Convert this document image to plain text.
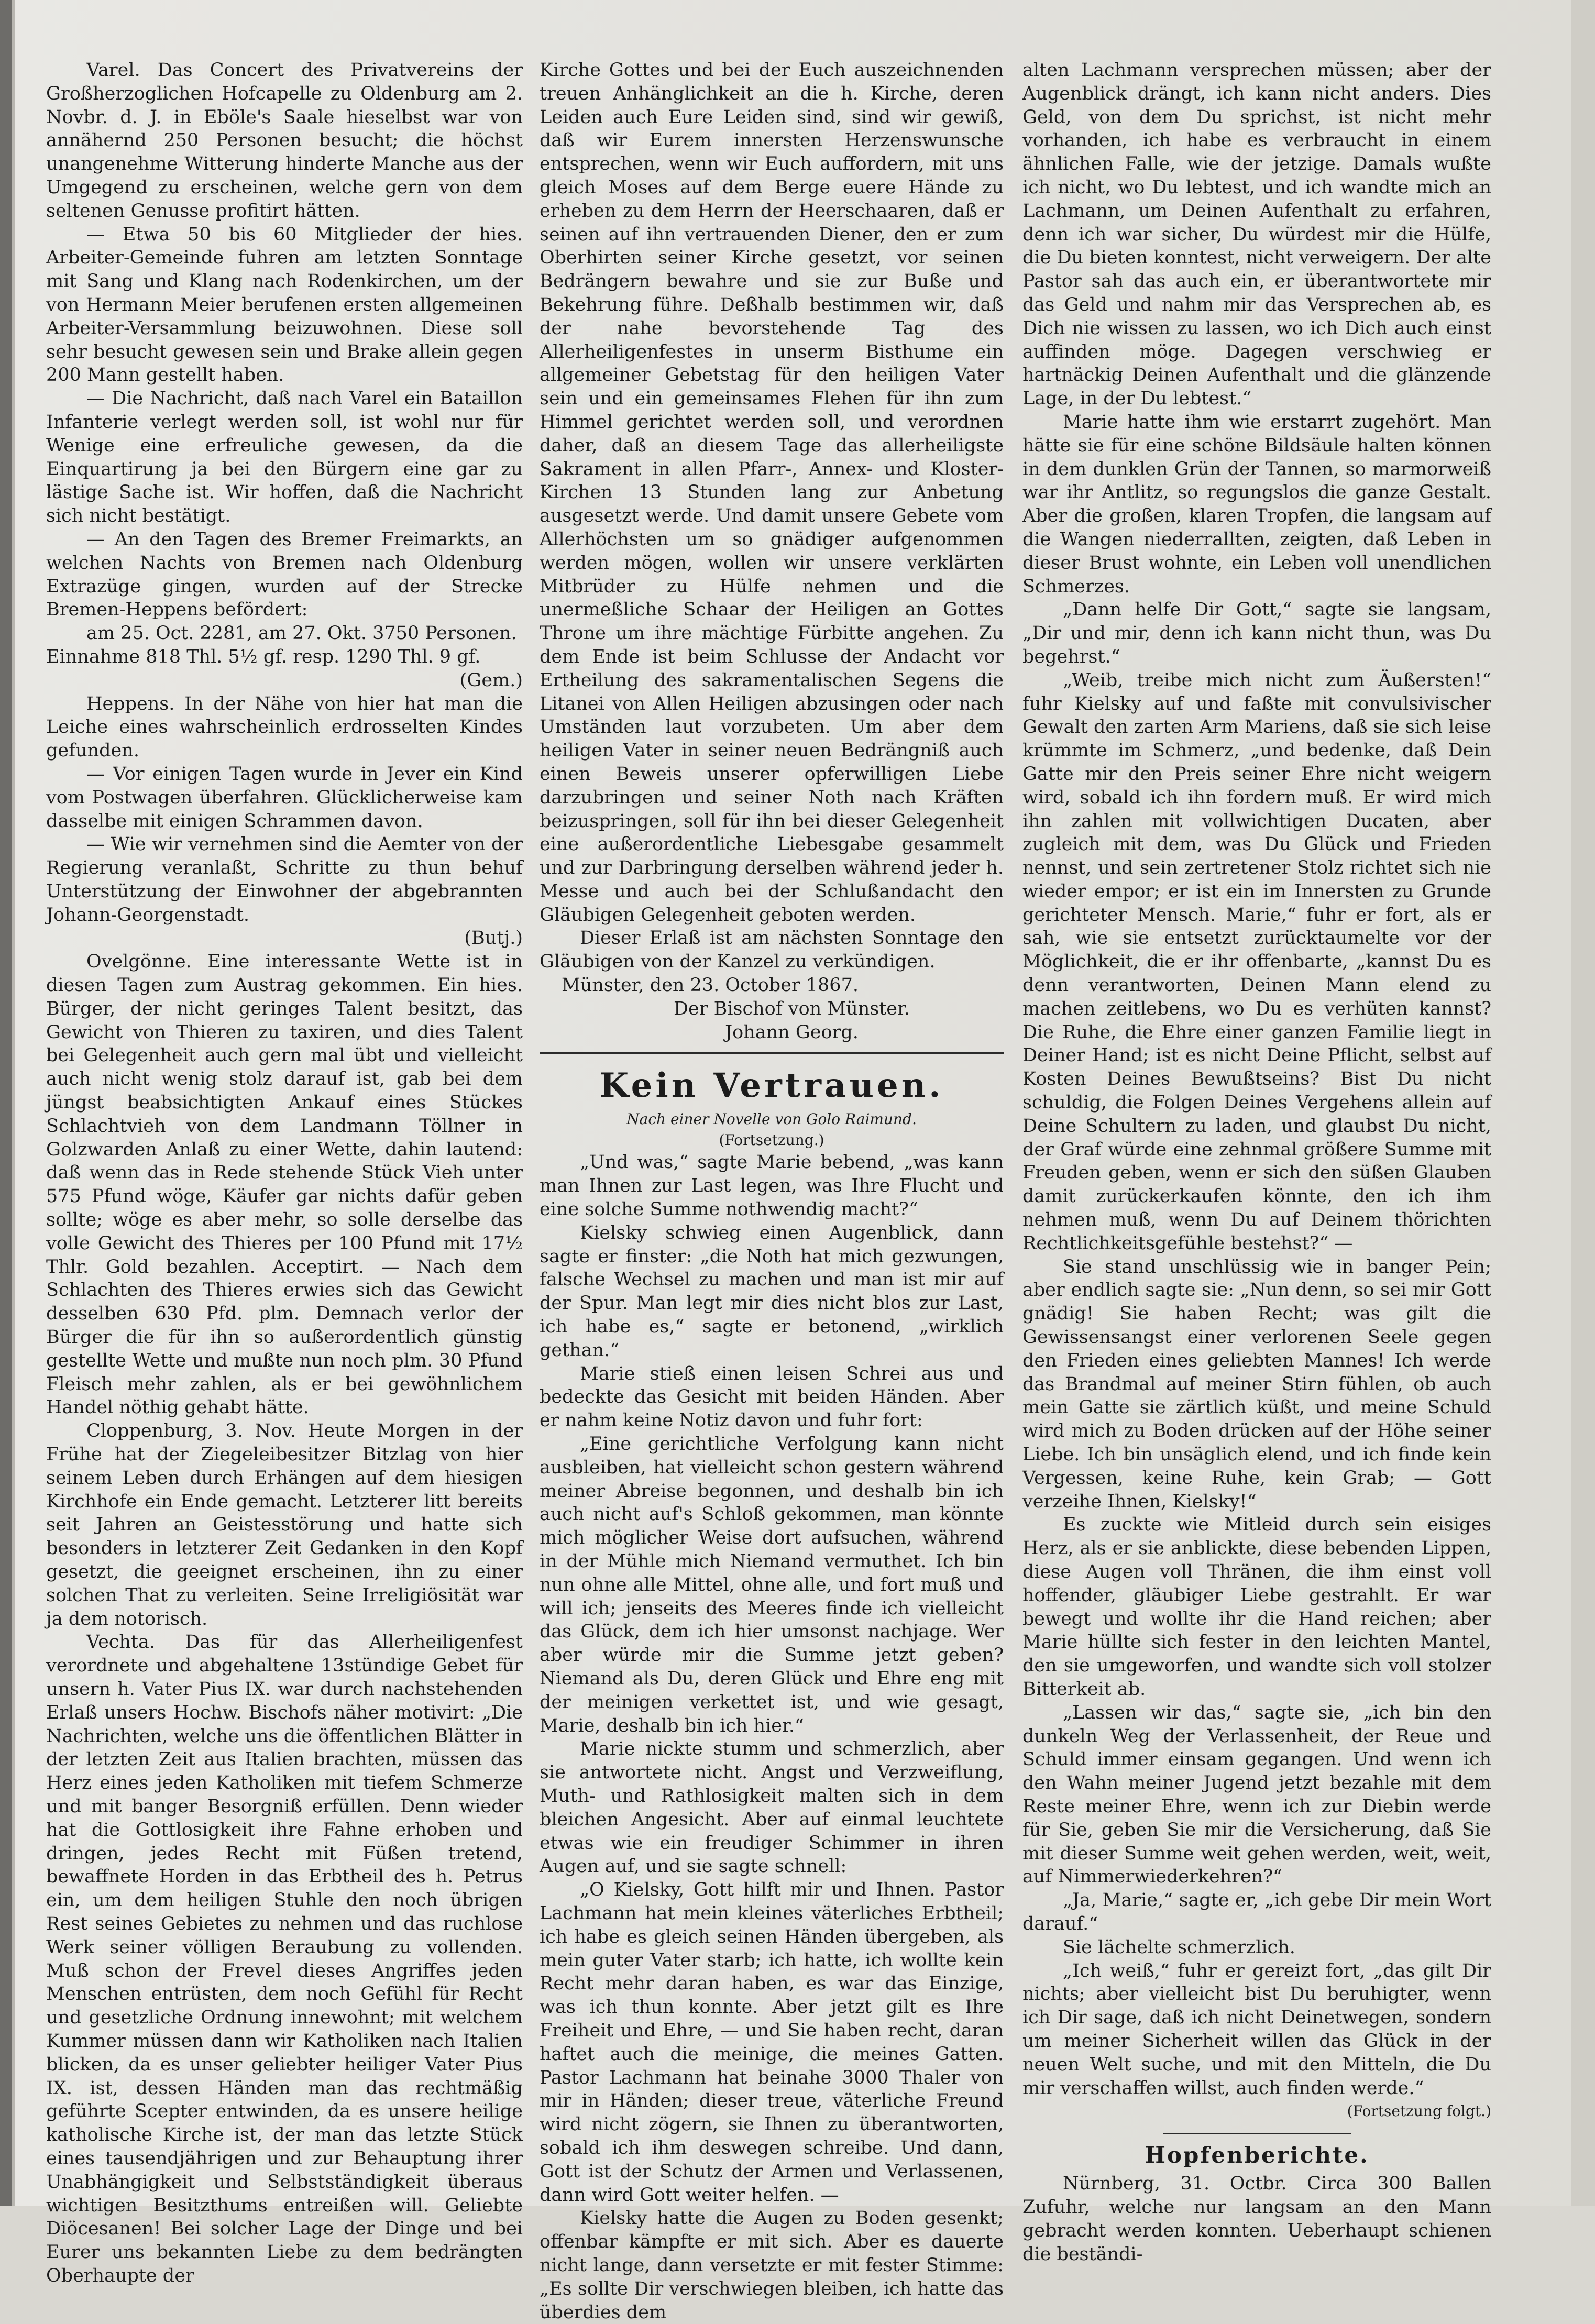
Varel. Das Concert des Privatvereins der Großherzoglichen Hofcapelle zu Oldenburg am 2. Novbr. d. J. in Eböle's Saale hieselbst war von annähernd 250 Personen besucht; die höchst unangenehme Witterung hinderte Manche aus der Umgegend zu erscheinen, welche gern von dem seltenen Genusse profitirt hätten.

— Etwa 50 bis 60 Mitglieder der hies. Arbeiter-Gemeinde fuhren am letzten Sonntage mit Sang und Klang nach Rodenkirchen, um der von Hermann Meier berufenen ersten allgemeinen Arbeiter-Versammlung beizuwohnen. Diese soll sehr besucht gewesen sein und Brake allein gegen 200 Mann gestellt haben.

— Die Nachricht, daß nach Varel ein Bataillon Infanterie verlegt werden soll, ist wohl nur für Wenige eine erfreuliche gewesen, da die Einquartirung ja bei den Bürgern eine gar zu lästige Sache ist. Wir hoffen, daß die Nachricht sich nicht bestätigt.

— An den Tagen des Bremer Freimarkts, an welchen Nachts von Bremen nach Oldenburg Extrazüge gingen, wurden auf der Strecke Bremen-Heppens befördert:

am 25. Oct. 2281, am 27. Okt. 3750 Personen.

Einnahme 818 Thl. 5½ gf. resp. 1290 Thl. 9 gf.

(Gem.)

Heppens. In der Nähe von hier hat man die Leiche eines wahrscheinlich erdrosselten Kindes gefunden.

— Vor einigen Tagen wurde in Jever ein Kind vom Postwagen überfahren. Glücklicherweise kam dasselbe mit einigen Schrammen davon.

— Wie wir vernehmen sind die Aemter von der Regierung veranlaßt, Schritte zu thun behuf Unterstützung der Einwohner der abgebrannten Johann-Georgenstadt.

(Butj.)

Ovelgönne. Eine interessante Wette ist in diesen Tagen zum Austrag gekommen. Ein hies. Bürger, der nicht geringes Talent besitzt, das Gewicht von Thieren zu taxiren, und dies Talent bei Gelegenheit auch gern mal übt und vielleicht auch nicht wenig stolz darauf ist, gab bei dem jüngst beabsichtigten Ankauf eines Stückes Schlachtvieh von dem Landmann Töllner in Golzwarden Anlaß zu einer Wette, dahin lautend: daß wenn das in Rede stehende Stück Vieh unter 575 Pfund wöge, Käufer gar nichts dafür geben sollte; wöge es aber mehr, so solle derselbe das volle Gewicht des Thieres per 100 Pfund mit 17½ Thlr. Gold bezahlen. Acceptirt. — Nach dem Schlachten des Thieres erwies sich das Gewicht desselben 630 Pfd. plm. Demnach verlor der Bürger die für ihn so außerordentlich günstig gestellte Wette und mußte nun noch plm. 30 Pfund Fleisch mehr zahlen, als er bei gewöhnlichem Handel nöthig gehabt hätte.

Cloppenburg, 3. Nov. Heute Morgen in der Frühe hat der Ziegeleibesitzer Bitzlag von hier seinem Leben durch Erhängen auf dem hiesigen Kirchhofe ein Ende gemacht. Letzterer litt bereits seit Jahren an Geistesstörung und hatte sich besonders in letzterer Zeit Gedanken in den Kopf gesetzt, die geeignet erscheinen, ihn zu einer solchen That zu verleiten. Seine Irreligiösität war ja dem notorisch.

Vechta. Das für das Allerheiligenfest verordnete und abgehaltene 13stündige Gebet für unsern h. Vater Pius IX. war durch nachstehenden Erlaß unsers Hochw. Bischofs näher motivirt: „Die Nachrichten, welche uns die öffentlichen Blätter in der letzten Zeit aus Italien brachten, müssen das Herz eines jeden Katholiken mit tiefem Schmerze und mit banger Besorgniß erfüllen. Denn wieder hat die Gottlosigkeit ihre Fahne erhoben und dringen, jedes Recht mit Füßen tretend, bewaffnete Horden in das Erbtheil des h. Petrus ein, um dem heiligen Stuhle den noch übrigen Rest seines Gebietes zu nehmen und das ruchlose Werk seiner völligen Beraubung zu vollenden. Muß schon der Frevel dieses Angriffes jeden Menschen entrüsten, dem noch Gefühl für Recht und gesetzliche Ordnung innewohnt; mit welchem Kummer müssen dann wir Katholiken nach Italien blicken, da es unser geliebter heiliger Vater Pius IX. ist, dessen Händen man das rechtmäßig geführte Scepter entwinden, da es unsere heilige katholische Kirche ist, der man das letzte Stück eines tausendjährigen und zur Behauptung ihrer Unabhängigkeit und Selbstständigkeit überaus wichtigen Besitzthums entreißen will. Geliebte Diöcesanen! Bei solcher Lage der Dinge und bei Eurer uns bekannten Liebe zu dem bedrängten Oberhaupte der

Kirche Gottes und bei der Euch auszeichnenden treuen Anhänglichkeit an die h. Kirche, deren Leiden auch Eure Leiden sind, sind wir gewiß, daß wir Eurem innersten Herzenswunsche entsprechen, wenn wir Euch auffordern, mit uns gleich Moses auf dem Berge euere Hände zu erheben zu dem Herrn der Heerschaaren, daß er seinen auf ihn vertrauenden Diener, den er zum Oberhirten seiner Kirche gesetzt, vor seinen Bedrängern bewahre und sie zur Buße und Bekehrung führe. Deßhalb bestimmen wir, daß der nahe bevorstehende Tag des Allerheiligenfestes in unserm Bisthume ein allgemeiner Gebetstag für den heiligen Vater sein und ein gemeinsames Flehen für ihn zum Himmel gerichtet werden soll, und verordnen daher, daß an diesem Tage das allerheiligste Sakrament in allen Pfarr-, Annex- und Kloster-Kirchen 13 Stunden lang zur Anbetung ausgesetzt werde. Und damit unsere Gebete vom Allerhöchsten um so gnädiger aufgenommen werden mögen, wollen wir unsere verklärten Mitbrüder zu Hülfe nehmen und die unermeßliche Schaar der Heiligen an Gottes Throne um ihre mächtige Fürbitte angehen. Zu dem Ende ist beim Schlusse der Andacht vor Ertheilung des sakramentalischen Segens die Litanei von Allen Heiligen abzusingen oder nach Umständen laut vorzubeten. Um aber dem heiligen Vater in seiner neuen Bedrängniß auch einen Beweis unserer opferwilligen Liebe darzubringen und seiner Noth nach Kräften beizuspringen, soll für ihn bei dieser Gelegenheit eine außerordentliche Liebesgabe gesammelt und zur Darbringung derselben während jeder h. Messe und auch bei der Schlußandacht den Gläubigen Gelegenheit geboten werden.

Dieser Erlaß ist am nächsten Sonntage den Gläubigen von der Kanzel zu verkündigen.

Münster, den 23. October 1867.

Der Bischof von Münster.

Johann Georg.

Kein Vertrauen.
Nach einer Novelle von Golo Raimund.
(Fortsetzung.)

„Und was,“ sagte Marie bebend, „was kann man Ihnen zur Last legen, was Ihre Flucht und eine solche Summe nothwendig macht?“

Kielsky schwieg einen Augenblick, dann sagte er finster: „die Noth hat mich gezwungen, falsche Wechsel zu machen und man ist mir auf der Spur. Man legt mir dies nicht blos zur Last, ich habe es,“ sagte er betonend, „wirklich gethan.“

Marie stieß einen leisen Schrei aus und bedeckte das Gesicht mit beiden Händen. Aber er nahm keine Notiz davon und fuhr fort:

„Eine gerichtliche Verfolgung kann nicht ausbleiben, hat vielleicht schon gestern während meiner Abreise begonnen, und deshalb bin ich auch nicht auf's Schloß gekommen, man könnte mich möglicher Weise dort aufsuchen, während in der Mühle mich Niemand vermuthet. Ich bin nun ohne alle Mittel, ohne alle, und fort muß und will ich; jenseits des Meeres finde ich vielleicht das Glück, dem ich hier umsonst nachjage. Wer aber würde mir die Summe jetzt geben? Niemand als Du, deren Glück und Ehre eng mit der meinigen verkettet ist, und wie gesagt, Marie, deshalb bin ich hier.“

Marie nickte stumm und schmerzlich, aber sie antwortete nicht. Angst und Verzweiflung, Muth- und Rathlosigkeit malten sich in dem bleichen Angesicht. Aber auf einmal leuchtete etwas wie ein freudiger Schimmer in ihren Augen auf, und sie sagte schnell:

„O Kielsky, Gott hilft mir und Ihnen. Pastor Lachmann hat mein kleines väterliches Erbtheil; ich habe es gleich seinen Händen übergeben, als mein guter Vater starb; ich hatte, ich wollte kein Recht mehr daran haben, es war das Einzige, was ich thun konnte. Aber jetzt gilt es Ihre Freiheit und Ehre, — und Sie haben recht, daran haftet auch die meinige, die meines Gatten. Pastor Lachmann hat beinahe 3000 Thaler von mir in Händen; dieser treue, väterliche Freund wird nicht zögern, sie Ihnen zu überantworten, sobald ich ihm deswegen schreibe. Und dann, Gott ist der Schutz der Armen und Verlassenen, dann wird Gott weiter helfen. —

Kielsky hatte die Augen zu Boden gesenkt; offenbar kämpfte er mit sich. Aber es dauerte nicht lange, dann versetzte er mit fester Stimme: „Es sollte Dir verschwiegen bleiben, ich hatte das überdies dem

alten Lachmann versprechen müssen; aber der Augenblick drängt, ich kann nicht anders. Dies Geld, von dem Du sprichst, ist nicht mehr vorhanden, ich habe es verbraucht in einem ähnlichen Falle, wie der jetzige. Damals wußte ich nicht, wo Du lebtest, und ich wandte mich an Lachmann, um Deinen Aufenthalt zu erfahren, denn ich war sicher, Du würdest mir die Hülfe, die Du bieten konntest, nicht verweigern. Der alte Pastor sah das auch ein, er überantwortete mir das Geld und nahm mir das Versprechen ab, es Dich nie wissen zu lassen, wo ich Dich auch einst auffinden möge. Dagegen verschwieg er hartnäckig Deinen Aufenthalt und die glänzende Lage, in der Du lebtest.“

Marie hatte ihm wie erstarrt zugehört. Man hätte sie für eine schöne Bildsäule halten können in dem dunklen Grün der Tannen, so marmorweiß war ihr Antlitz, so regungslos die ganze Gestalt. Aber die großen, klaren Tropfen, die langsam auf die Wangen niederrallten, zeigten, daß Leben in dieser Brust wohnte, ein Leben voll unendlichen Schmerzes.

„Dann helfe Dir Gott,“ sagte sie langsam, „Dir und mir, denn ich kann nicht thun, was Du begehrst.“

„Weib, treibe mich nicht zum Äußersten!“ fuhr Kielsky auf und faßte mit convulsivischer Gewalt den zarten Arm Mariens, daß sie sich leise krümmte im Schmerz, „und bedenke, daß Dein Gatte mir den Preis seiner Ehre nicht weigern wird, sobald ich ihn fordern muß. Er wird mich ihn zahlen mit vollwichtigen Ducaten, aber zugleich mit dem, was Du Glück und Frieden nennst, und sein zertretener Stolz richtet sich nie wieder empor; er ist ein im Innersten zu Grunde gerichteter Mensch. Marie,“ fuhr er fort, als er sah, wie sie entsetzt zurücktaumelte vor der Möglichkeit, die er ihr offenbarte, „kannst Du es denn verantworten, Deinen Mann elend zu machen zeitlebens, wo Du es verhüten kannst? Die Ruhe, die Ehre einer ganzen Familie liegt in Deiner Hand; ist es nicht Deine Pflicht, selbst auf Kosten Deines Bewußtseins? Bist Du nicht schuldig, die Folgen Deines Vergehens allein auf Deine Schultern zu laden, und glaubst Du nicht, der Graf würde eine zehnmal größere Summe mit Freuden geben, wenn er sich den süßen Glauben damit zurückerkaufen könnte, den ich ihm nehmen muß, wenn Du auf Deinem thörichten Rechtlichkeitsgefühle bestehst?“ —

Sie stand unschlüssig wie in banger Pein; aber endlich sagte sie: „Nun denn, so sei mir Gott gnädig! Sie haben Recht; was gilt die Gewissensangst einer verlorenen Seele gegen den Frieden eines geliebten Mannes! Ich werde das Brandmal auf meiner Stirn fühlen, ob auch mein Gatte sie zärtlich küßt, und meine Schuld wird mich zu Boden drücken auf der Höhe seiner Liebe. Ich bin unsäglich elend, und ich finde kein Vergessen, keine Ruhe, kein Grab; — Gott verzeihe Ihnen, Kielsky!“

Es zuckte wie Mitleid durch sein eisiges Herz, als er sie anblickte, diese bebenden Lippen, diese Augen voll Thränen, die ihm einst voll hoffender, gläubiger Liebe gestrahlt. Er war bewegt und wollte ihr die Hand reichen; aber Marie hüllte sich fester in den leichten Mantel, den sie umgeworfen, und wandte sich voll stolzer Bitterkeit ab.

„Lassen wir das,“ sagte sie, „ich bin den dunkeln Weg der Verlassenheit, der Reue und Schuld immer einsam gegangen. Und wenn ich den Wahn meiner Jugend jetzt bezahle mit dem Reste meiner Ehre, wenn ich zur Diebin werde für Sie, geben Sie mir die Versicherung, daß Sie mit dieser Summe weit gehen werden, weit, weit, auf Nimmerwiederkehren?“

„Ja, Marie,“ sagte er, „ich gebe Dir mein Wort darauf.“

Sie lächelte schmerzlich.

„Ich weiß,“ fuhr er gereizt fort, „das gilt Dir nichts; aber vielleicht bist Du beruhigter, wenn ich Dir sage, daß ich nicht Deinetwegen, sondern um meiner Sicherheit willen das Glück in der neuen Welt suche, und mit den Mitteln, die Du mir verschaffen willst, auch finden werde.“

(Fortsetzung folgt.)

Hopfenberichte.

Nürnberg, 31. Octbr. Circa 300 Ballen Zufuhr, welche nur langsam an den Mann gebracht werden konnten. Ueberhaupt schienen die beständi-
